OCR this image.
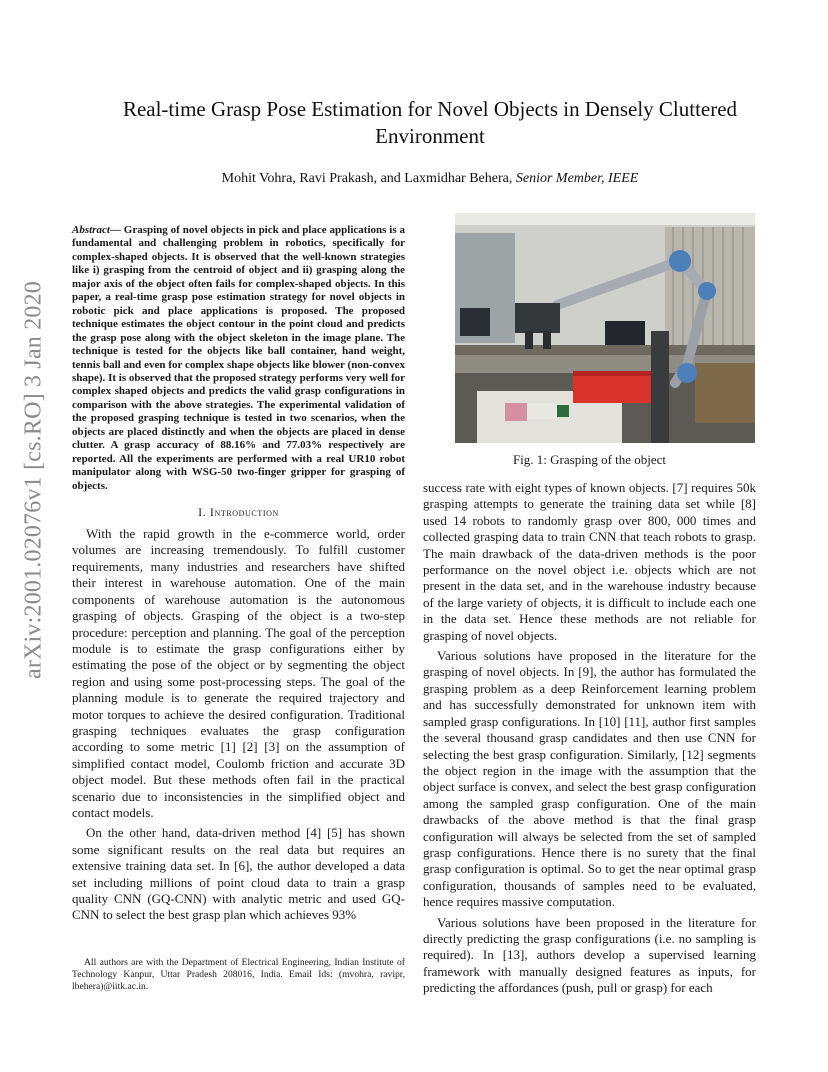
arXiv:2001.02076v1 [cs.RO] 3 Jan 2020
Real-time Grasp Pose Estimation for Novel Objects in Densely Cluttered Environment
Mohit Vohra, Ravi Prakash, and Laxmidhar Behera, Senior Member, IEEE

Abstract— Grasping of novel objects in pick and place applications is a fundamental and challenging problem in robotics, specifically for complex-shaped objects. It is observed that the well-known strategies like i) grasping from the centroid of object and ii) grasping along the major axis of the object often fails for complex-shaped objects. In this paper, a real-time grasp pose estimation strategy for novel objects in robotic pick and place applications is proposed. The proposed technique estimates the object contour in the point cloud and predicts the grasp pose along with the object skeleton in the image plane. The technique is tested for the objects like ball container, hand weight, tennis ball and even for complex shape objects like blower (non-convex shape). It is observed that the proposed strategy performs very well for complex shaped objects and predicts the valid grasp configurations in comparison with the above strategies. The experimental validation of the proposed grasping technique is tested in two scenarios, when the objects are placed distinctly and when the objects are placed in dense clutter. A grasp accuracy of 88.16% and 77.03% respectively are reported. All the experiments are performed with a real UR10 robot manipulator along with WSG-50 two-finger gripper for grasping of objects.

I. Introduction

With the rapid growth in the e-commerce world, order volumes are increasing tremendously. To fulfill customer requirements, many industries and researchers have shifted their interest in warehouse automation. One of the main components of warehouse automation is the autonomous grasping of objects. Grasping of the object is a two-step procedure: perception and planning. The goal of the perception module is to estimate the grasp configurations either by estimating the pose of the object or by segmenting the object region and using some post-processing steps. The goal of the planning module is to generate the required trajectory and motor torques to achieve the desired configuration. Traditional grasping techniques evaluates the grasp configuration according to some metric [1] [2] [3] on the assumption of simplified contact model, Coulomb friction and accurate 3D object model. But these methods often fail in the practical scenario due to inconsistencies in the simplified object and contact models.

On the other hand, data-driven method [4] [5] has shown some significant results on the real data but requires an extensive training data set. In [6], the author developed a data set including millions of point cloud data to train a grasp quality CNN (GQ-CNN) with analytic metric and used GQ-CNN to select the best grasp plan which achieves 93%

All authors are with the Department of Electrical Engineering, Indian Institute of Technology Kanpur, Uttar Pradesh 208016, India. Email Ids: (mvohra, ravipr, lbehera)@iitk.ac.in.
Fig. 1: Grasping of the object

success rate with eight types of known objects. [7] requires 50k grasping attempts to generate the training data set while [8] used 14 robots to randomly grasp over 800, 000 times and collected grasping data to train CNN that teach robots to grasp. The main drawback of the data-driven methods is the poor performance on the novel object i.e. objects which are not present in the data set, and in the warehouse industry because of the large variety of objects, it is difficult to include each one in the data set. Hence these methods are not reliable for grasping of novel objects.

Various solutions have proposed in the literature for the grasping of novel objects. In [9], the author has formulated the grasping problem as a deep Reinforcement learning problem and has successfully demonstrated for unknown item with sampled grasp configurations. In [10] [11], author first samples the several thousand grasp candidates and then use CNN for selecting the best grasp configuration. Similarly, [12] segments the object region in the image with the assumption that the object surface is convex, and select the best grasp configuration among the sampled grasp configuration. One of the main drawbacks of the above method is that the final grasp configuration will always be selected from the set of sampled grasp configurations. Hence there is no surety that the final grasp configuration is optimal. So to get the near optimal grasp configuration, thousands of samples need to be evaluated, hence requires massive computation.

Various solutions have been proposed in the literature for directly predicting the grasp configurations (i.e. no sampling is required). In [13], authors develop a supervised learning framework with manually designed features as inputs, for predicting the affordances (push, pull or grasp) for each
